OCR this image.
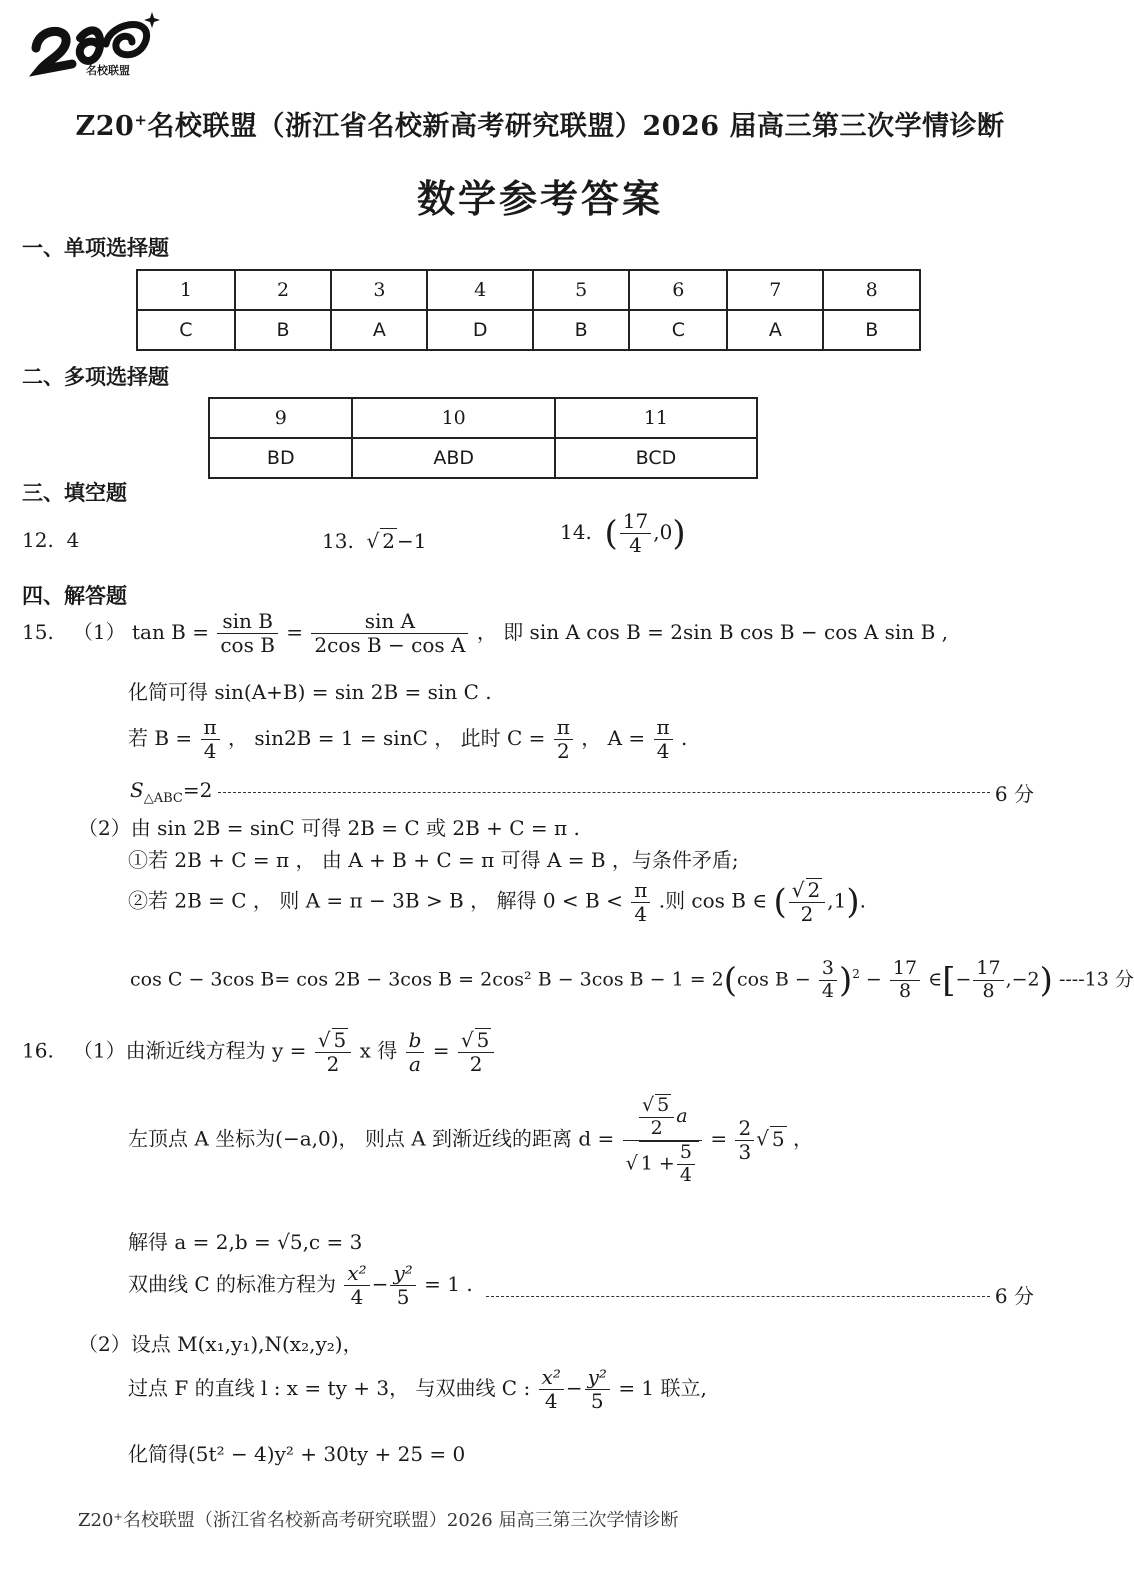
名校联盟
Z20+名校联盟（浙江省名校新高考研究联盟）2026 届高三第三次学情诊断
数学参考答案
一、单项选择题
1	2	3	4	5	6	7	8
C	B	A	D	B	C	A	B
二、多项选择题
9	10	11
BD	ABD	BCD
三、填空题
12. 4	13.  √ 2 −1	14. ( $\frac{17}{4} ,0$)
四、解答题
15. （1） $\tan B = \frac{\text{sin B}}{\text{cos B}} = \frac{\text{sin A}}{\text{2cos B − cos A}}$ ， 即 sin A cos B = 2sin B cos B − cos A sin B ,
化简可得 sin(A+B) = sin 2B = sin C .
若 $B = \frac{\pi}{4}$ ， sin2B = 1 = sinC ， 此时 $C = \frac{\pi}{2}$ ， $A = \frac{\pi}{4}$ .
$S_{\triangle ABC}=2$	6 分
（2）由 sin 2B = sinC 可得 2B = C 或 2B + C = π .
①若 2B + C = π ， 由 A + B + C = π 可得 A = B ，与条件矛盾;
②若 2B = C ， 则 A = π − 3B > B ， 解得 $0 < B < \frac{\pi}{4}$ .则 cos B ∈ ( $\frac{√ 2}{2} ,1$).
cos C − 3cos B= cos 2B − 3cos B = 2cos² B − 3cos B − 1 = 2(cos $B - \frac{3}{4} )^2 - \frac{17}{8}$ ∈[− $\frac{17}{8} ,-2$) ----13 分
16. （1）由渐近线方程为 $y = \frac{√ 5}{2}$ x 得 $\frac{b}{a} = \frac{√ 5}{2}$
左顶点 A 坐标为(−a,0)， 则点 A 到渐近线的距离 $d = \frac{\frac{√ 5}{2} a}{√ 1 + \frac{5}{4}} = \frac{2}{3}$ √ 5 ，
解得 a = 2,b = √5,c = 3
双曲线 C 的标准方程为 $\frac{\text{x²}}{4} - \frac{\text{y²}}{5} = 1$ .	6 分
（2）设点 M(x₁,y₁),N(x₂,y₂)，
过点 F 的直线 l : x = ty + 3， 与双曲线 C : $\frac{\text{x²}}{4} - \frac{\text{y²}}{5} = 1$ 联立,
化简得(5t² − 4)y² + 30ty + 25 = 0
Z20⁺名校联盟（浙江省名校新高考研究联盟）2026 届高三第三次学情诊断
